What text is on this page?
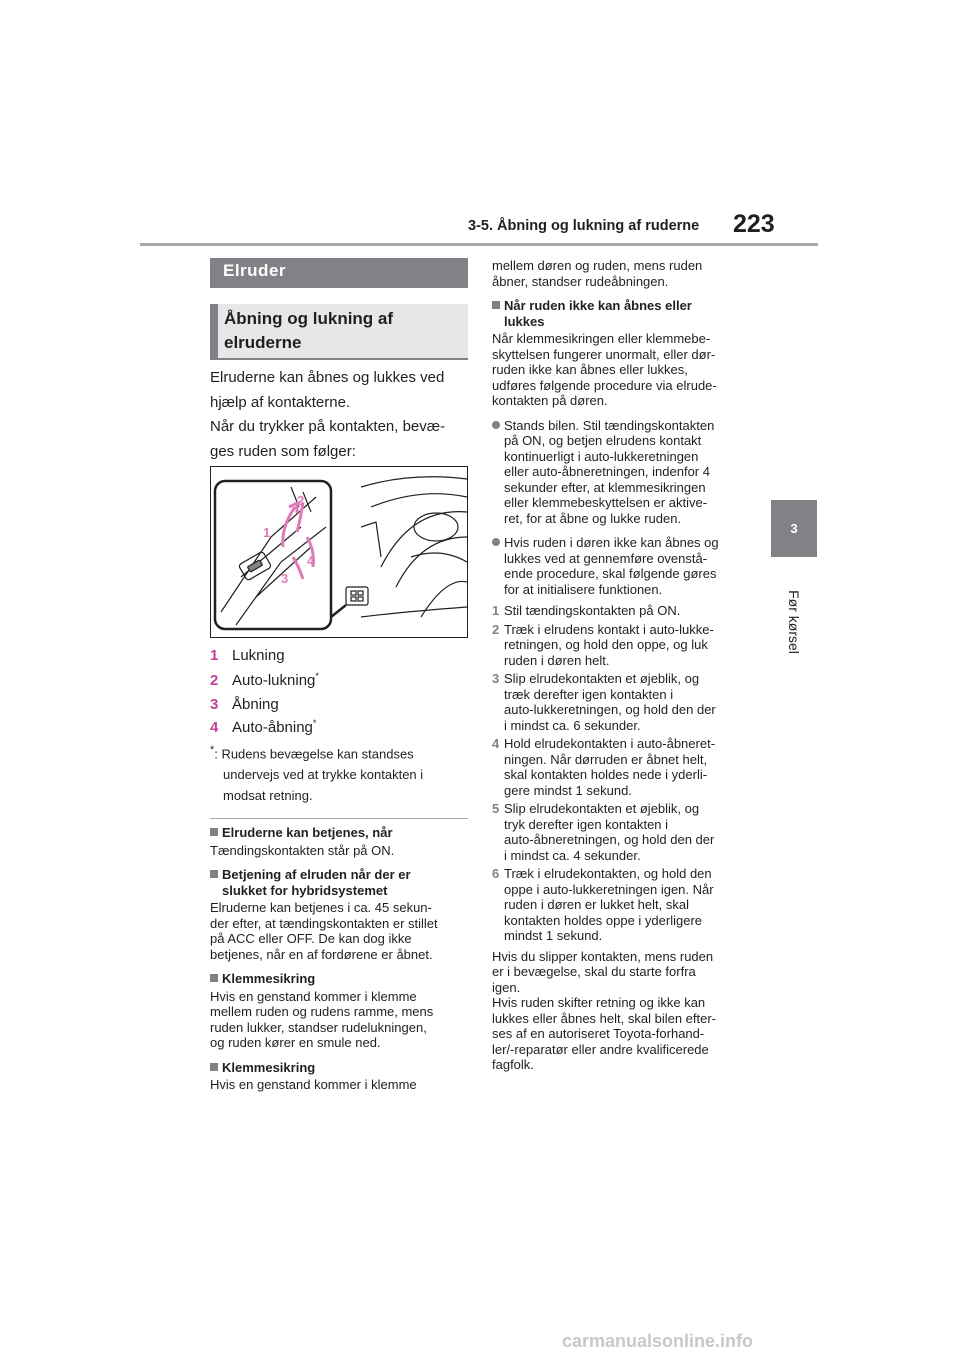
3-5. Åbning og lukning af ruderne 223
3
Før kørsel
Elruder
Åbning og lukning af elruderne
Elruderne kan åbnes og lukkes ved
hjælp af kontakterne.
Når du trykker på kontakten, bevæ-
ges ruden som følger:
1
2
3
4
1 Lukning
2 Auto-lukning*
3 Åbning
4 Auto-åbning*
*: Rudens bevægelse kan standses
undervejs ved at trykke kontakten i
modsat retning.
Elruderne kan betjenes, når
Tændingskontakten står på ON.
Betjening af elruden når der er
slukket for hybridsystemet
Elruderne kan betjenes i ca. 45 sekun-
der efter, at tændingskontakten er stillet
på ACC eller OFF. De kan dog ikke
betjenes, når en af fordørene er åbnet.
Klemmesikring
Hvis en genstand kommer i klemme
mellem ruden og rudens ramme, mens
ruden lukker, standser rudelukningen,
og ruden kører en smule ned.
Klemmesikring
Hvis en genstand kommer i klemme
mellem døren og ruden, mens ruden
åbner, standser rudeåbningen.
Når ruden ikke kan åbnes eller
lukkes
Når klemmesikringen eller klemmebe-
skyttelsen fungerer unormalt, eller dør-
ruden ikke kan åbnes eller lukkes,
udføres følgende procedure via elrude-
kontakten på døren.
Stands bilen. Stil tændingskontakten
på ON, og betjen elrudens kontakt
kontinuerligt i auto-lukkeretningen
eller auto-åbneretningen, indenfor 4
sekunder efter, at klemmesikringen
eller klemmebeskyttelsen er aktive-
ret, for at åbne og lukke ruden.
Hvis ruden i døren ikke kan åbnes og
lukkes ved at gennemføre ovenstå-
ende procedure, skal følgende gøres
for at initialisere funktionen.
1 Stil tændingskontakten på ON.
2 Træk i elrudens kontakt i auto-lukke-
retningen, og hold den oppe, og luk
ruden i døren helt.
3 Slip elrudekontakten et øjeblik, og
træk derefter igen kontakten i
auto-lukkeretningen, og hold den der
i mindst ca. 6 sekunder.
4 Hold elrudekontakten i auto-åbneret-
ningen. Når dørruden er åbnet helt,
skal kontakten holdes nede i yderli-
gere mindst 1 sekund.
5 Slip elrudekontakten et øjeblik, og
tryk derefter igen kontakten i
auto-åbneretningen, og hold den der
i mindst ca. 4 sekunder.
6 Træk i elrudekontakten, og hold den
oppe i auto-lukkeretningen igen. Når
ruden i døren er lukket helt, skal
kontakten holdes oppe i yderligere
mindst 1 sekund.
Hvis du slipper kontakten, mens ruden
er i bevægelse, skal du starte forfra
igen.
Hvis ruden skifter retning og ikke kan
lukkes eller åbnes helt, skal bilen efter-
ses af en autoriseret Toyota-forhand-
ler/-reparatør eller andre kvalificerede
fagfolk.
carmanualsonline.info
